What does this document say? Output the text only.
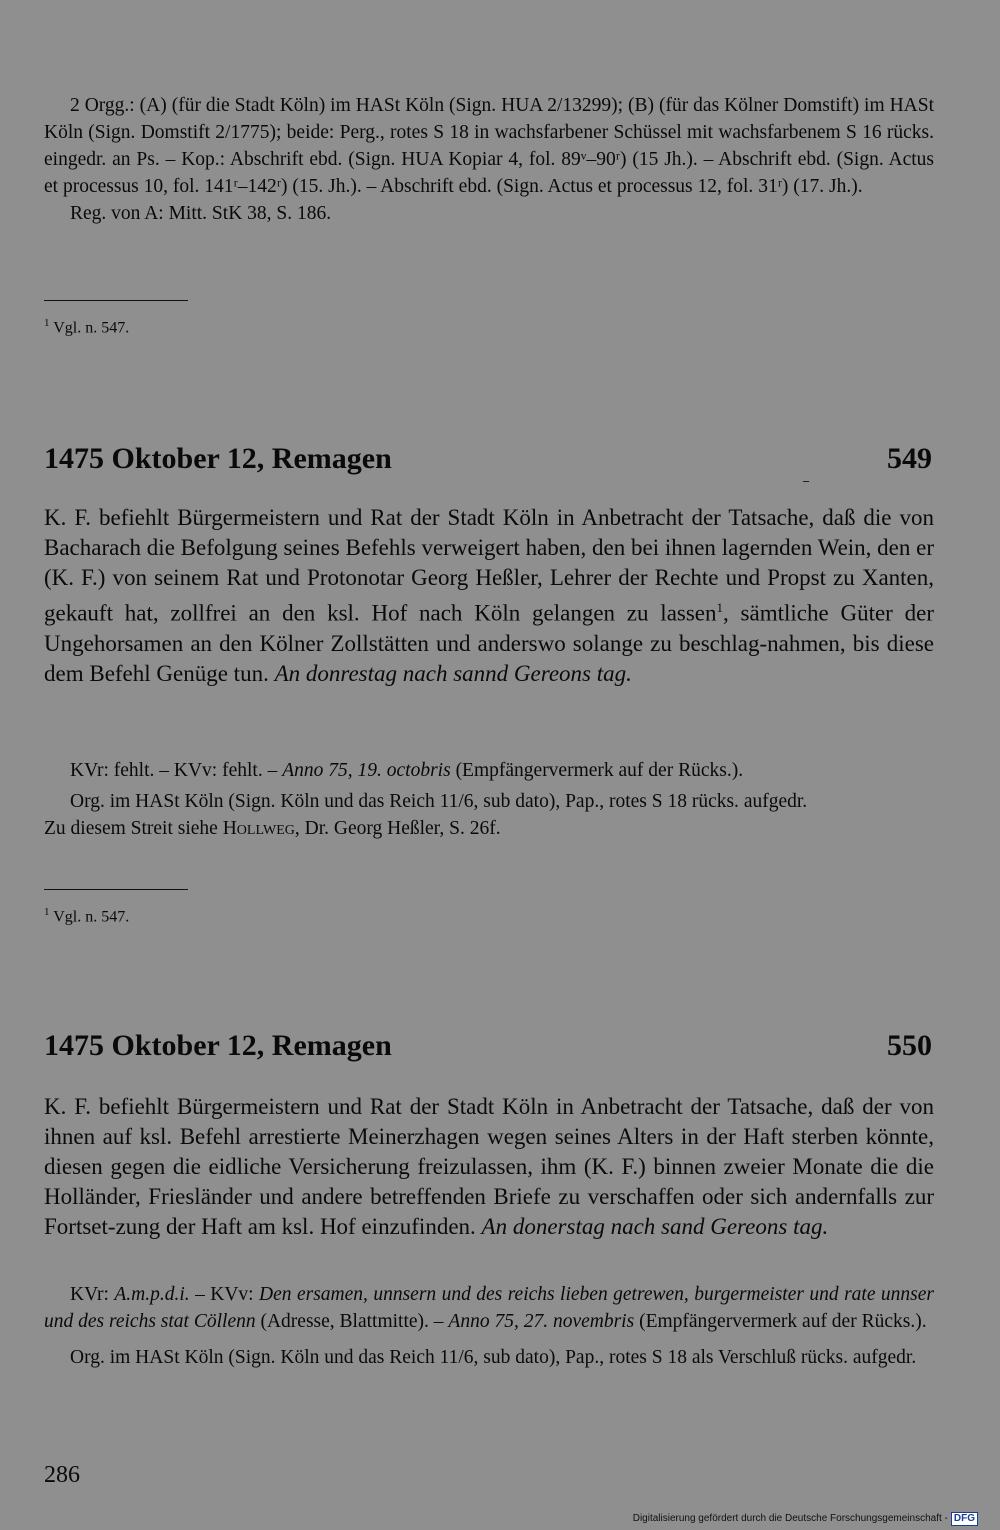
2 Orgg.: (A) (für die Stadt Köln) im HASt Köln (Sign. HUA 2/13299); (B) (für das Kölner Domstift) im HASt Köln (Sign. Domstift 2/1775); beide: Perg., rotes S 18 in wachsfarbener Schüssel mit wachsfarbenem S 16 rücks. eingedr. an Ps. – Kop.: Abschrift ebd. (Sign. HUA Kopiar 4, fol. 89ᵛ–90ʳ) (15 Jh.). – Abschrift ebd. (Sign. Actus et processus 10, fol. 141ʳ–142ʳ) (15. Jh.). – Abschrift ebd. (Sign. Actus et processus 12, fol. 31ʳ) (17. Jh.).

Reg. von A: Mitt. StK 38, S. 186.

$^1$ Vgl. n. 547.

1475 Oktober 12, Remagen	549

K. F. befiehlt Bürgermeistern und Rat der Stadt Köln in Anbetracht der Tatsache, daß die von Bacharach die Befolgung seines Befehls verweigert haben, den bei ihnen lagernden Wein, den er (K. F.) von seinem Rat und Protonotar Georg Heßler, Lehrer der Rechte und Propst zu Xanten, gekauft hat, zollfrei an den ksl. Hof nach Köln gelangen zu lassen$^1$, sämtliche Güter der Ungehorsamen an den Kölner Zollstätten und anderswo solange zu beschlag-nahmen, bis diese dem Befehl Genüge tun. An donrestag nach sannd Gereons tag.

KVr: fehlt. – KVv: fehlt. – Anno 75, 19. octobris (Empfängervermerk auf der Rücks.).

Org. im HASt Köln (Sign. Köln und das Reich 11/6, sub dato), Pap., rotes S 18 rücks. aufgedr.

Zu diesem Streit siehe Hollweg, Dr. Georg Heßler, S. 26f.

$^1$ Vgl. n. 547.

1475 Oktober 12, Remagen	550

K. F. befiehlt Bürgermeistern und Rat der Stadt Köln in Anbetracht der Tatsache, daß der von ihnen auf ksl. Befehl arrestierte Meinerzhagen wegen seines Alters in der Haft sterben könnte, diesen gegen die eidliche Versicherung freizulassen, ihm (K. F.) binnen zweier Monate die die Holländer, Friesländer und andere betreffenden Briefe zu verschaffen oder sich andernfalls zur Fortset-zung der Haft am ksl. Hof einzufinden. An donerstag nach sand Gereons tag.

KVr: A.m.p.d.i. – KVv: Den ersamen, unnsern und des reichs lieben getrewen, burgermeister und rate unnser und des reichs stat Cöllenn (Adresse, Blattmitte). – Anno 75, 27. novembris (Empfängervermerk auf der Rücks.).

Org. im HASt Köln (Sign. Köln und das Reich 11/6, sub dato), Pap., rotes S 18 als Verschluß rücks. aufgedr.

286
Digitalisierung gefördert durch die Deutsche Forschungsgemeinschaft - DFG
